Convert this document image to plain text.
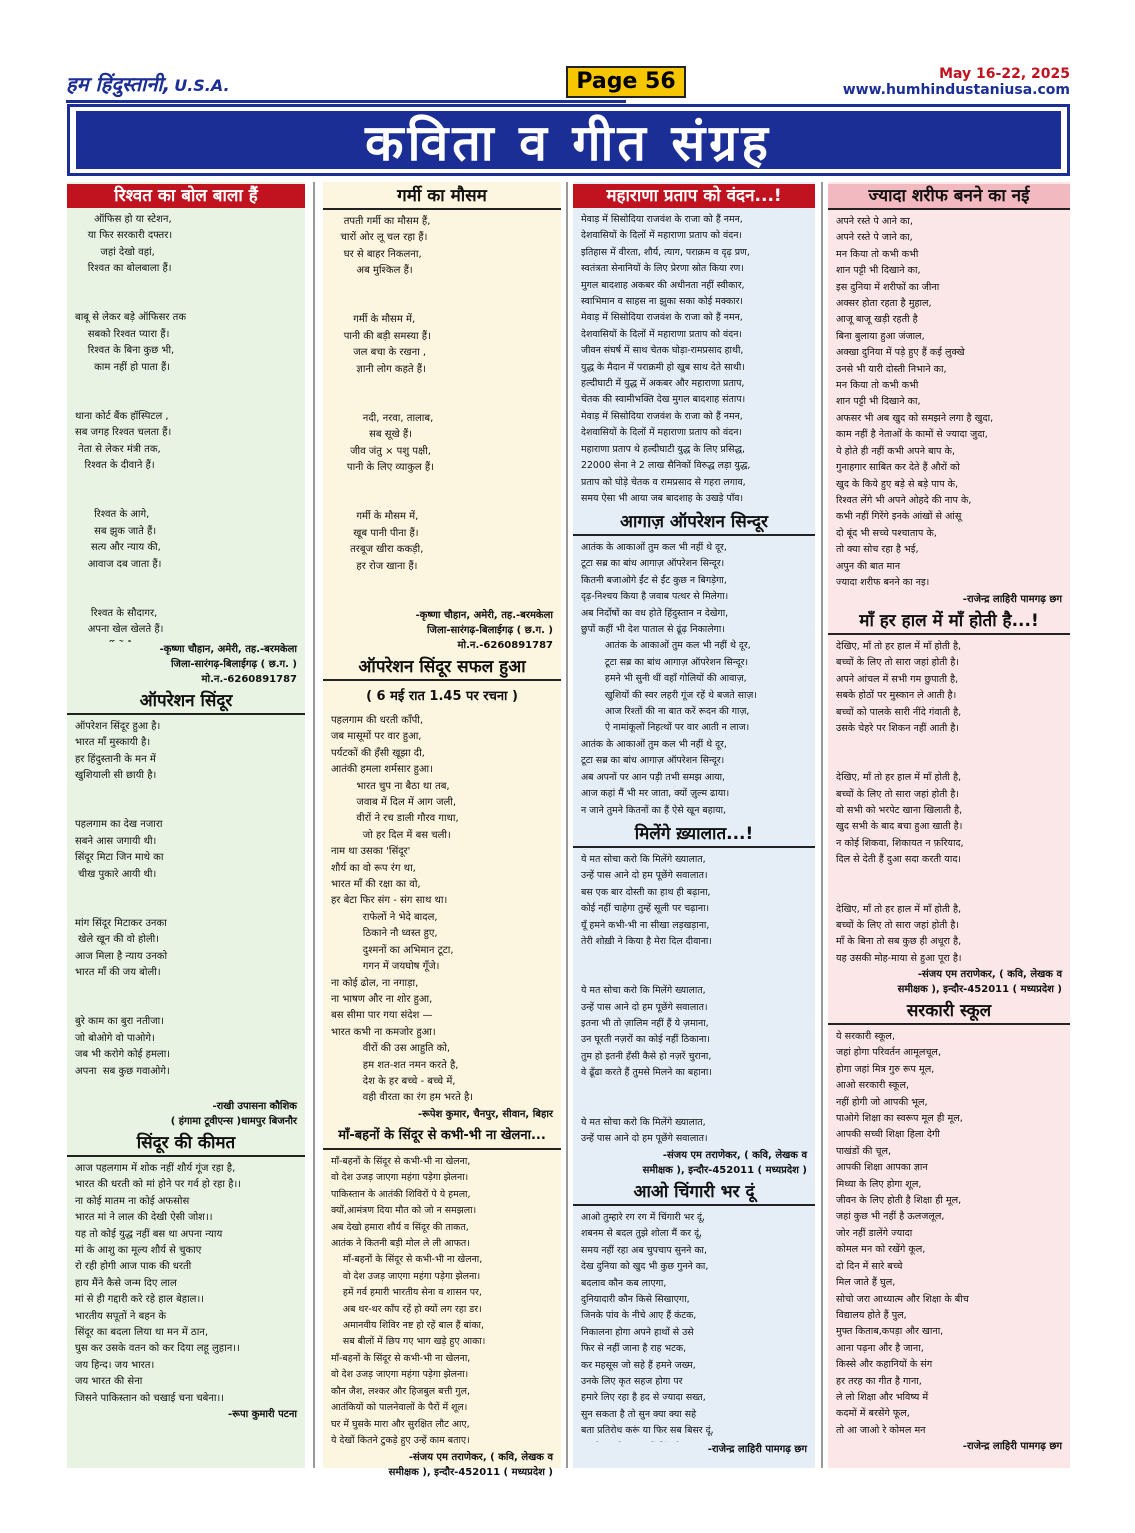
हम हिंदुस्तानी, U.S.A.	Page 56	May 16-22, 2025
www.humhindustaniusa.com
कविता व गीत संग्रह
रिश्वत का बोल बाला हैं
ऑफिस हो या स्टेशन,
या फिर सरकारी दफ्तर।
जहां देखो वहां,
रिश्वत का बोलबाला हैं।

बाबू से लेकर बड़े ऑफिसर तक
सबको रिश्वत प्यारा हैं।
रिश्वत के बिना कुछ भी,
काम नहीं हो पाता हैं।

थाना कोर्ट बैंक हॉस्पिटल ,
सब जगह रिश्वत चलता हैं।
नेता से लेकर मंत्री तक,
रिश्वत के दीवाने हैं।

रिश्वत के आगे,
सब झुक जाते हैं।
सत्य और न्याय की,
आवाज दब जाता हैं।

रिश्वत के सौदागर,
अपना खेल खेलते हैं।

-कृष्णा चौहान, अमेरी, तह.-बरमकेला
जिला-सारंगढ़-बिलाईगढ़ ( छ.ग. )
मो.न.-6260891787
ऑपरेशन सिंदूर
ऑपरेशन सिंदूर हुआ है।
भारत माँ मुस्कायी है।
हर हिंदुस्तानी के मन में
खुशियाली सी छायी है।

पहलगाम का देख नजारा
सबने आस जगायी थी।
सिंदूर मिटा जिन माथे का
चीख पुकारे आयी थी।

मांग सिंदूर मिटाकर उनका
खेले खून की वो होली।
आज मिला है न्याय उनको
भारत माँ की जय बोली।

बुरे काम का बुरा नतीजा।
जो बोओगे वो पाओगे।
जब भी करोगे कोई हमला।
अपना  सब कुछ गवाओगे।

-राखी उपासना कौशिक
( हंगामा टूवीएन्स )धामपुर बिजनौर
सिंदूर की कीमत
आज पहलगाम में शोक नहीं शौर्य गूंज रहा है,
भारत की धरती को मां होने पर गर्व हो रहा है।।
ना कोई मातम ना कोई अफसोस
भारत मां ने लाल की देखी ऐसी जोश।।
यह तो कोई युद्ध नहीं बस था अपना न्याय
मां के आशु का मूल्य शौर्य से चुकाए
रो रही होगी आज पाक की धरती
हाय मैंने कैसे जन्म दिए लाल
मां से ही गद्दारी करे रहे हाल बेहाल।।
भारतीय सपूतों ने बहन के
सिंदूर का बदला लिया था मन में ठान,
घुस कर उसके वतन को कर दिया लहू लुहान।।
जय हिन्द। जय भारत।
जय भारत की सेना
जिसने पाकिस्तान को चखाई चना चबेना।।
-रूपा कुमारी पटना
गर्मी का मौसम
तपती गर्मी का मौसम हैं,
चारों ओर लू चल रहा हैं।
घर से बाहर निकलना,
अब मुश्किल हैं।

गर्मी के मौसम में,
पानी की बड़ी समस्या हैं।
जल बचा के रखना ,
ज्ञानी लोग कहते हैं।

नदी, नरवा, तालाब,
सब सूखे हैं।
जीव जंतु × पशु पक्षी,
पानी के लिए व्याकुल हैं।

गर्मी के मौसम में,
खूब पानी पीना हैं।
तरबूज खीरा ककड़ी,
हर रोज खाना हैं।

-कृष्णा चौहान, अमेरी, तह.-बरमकेला
जिला-सारंगढ़-बिलाईगढ़ ( छ.ग. )
मो.न.-6260891787
ऑपरेशन सिंदूर सफल हुआ
( 6 मई रात 1.45 पर रचना )
पहलगाम की धरती काँपी,
जब मासूमों पर वार हुआ,
पर्यटकों की हँसी खूझा दी,
आतंकी हमला शर्मसार हुआ।
भारत चुप ना बैठा था तब,
जवाब में दिल में आग जली,
वीरों ने रच डाली गौरव गाथा,
जो हर दिल में बस चली।
नाम था उसका 'सिंदूर'
शौर्य का वो रूप रंग था,
भारत माँ की रक्षा का वो,
हर बेटा फिर संग - संग साथ था।
राफेलों ने भेदे बादल,
ठिकाने नौ ध्वस्त हुए,
दुश्मनों का अभिमान टूटा,
गगन में जयघोष गूँजे।
ना कोई ढोल, ना नगाड़ा,
ना भाषण और ना शोर हुआ,
बस सीमा पार गया संदेश —
भारत कभी ना कमजोर हुआ।
वीरों की उस आहुति को,
हम शत-शत नमन करते है,
देश के हर बच्चे - बच्चे में,
वही वीरता का रंग हम भरते है।
-रूपेश कुमार, चैनपुर, सीवान, बिहार
माँ-बहनों के सिंदूर से कभी-भी ना खेलना...
माँ-बहनों के सिंदूर से कभी-भी ना खेलना,
वो देश उजड़ जाएगा महंगा पड़ेगा झेलना।
पाकिस्तान के आतंकी शिविरों पे ये हमला,
क्यों,आमंत्रण दिया मौत को जो न समझला।
अब देखो हमारा शौर्य व सिंदूर की ताकत,
आतंक ने कितनी बड़ी मोल ले ली आफत।
माँ-बहनों के सिंदूर से कभी-भी ना खेलना,
वो देश उजड़ जाएगा महंगा पड़ेगा झेलना।
हमें गर्व हमारी भारतीय सेना व शासन पर,
अब थर-थर काँप रहें हो क्यों लग रहा डर।
अमानवीय शिविर नष्ट हो रहें बाल हैं बांका,
सब बीलों में छिप गए भाग खड़े हुए आका।
माँ-बहनों के सिंदूर से कभी-भी ना खेलना,
वो देश उजड़ जाएगा महंगा पड़ेगा झेलना।
कौन जैश, लश्कर और हिजबुल बत्ती गुल,
आतंकियों को पालनेवालों के पैरों में शूल।
घर में घुसके मारा और सुरक्षित लौट आए,
ये देखों कितने टुकड़े हुए उन्हें काम बताए।
-संजय एम तराणेकर, ( कवि, लेखक व
समीक्षक ), इन्दौर-452011 ( मध्यप्रदेश )
महाराणा प्रताप को वंदन...!
मेवाड़ में सिसोदिया राजवंश के राजा को हैं नमन,
देशवासियों के दिलों में महाराणा प्रताप को वंदन।
इतिहास में वीरता, शौर्य, त्याग, पराक्रम व दृढ़ प्रण,
स्वतंत्रता सेनानियों के लिए प्रेरणा स्रोत किया रण।
मुगल बादशाह अकबर की अधीनता नहीं स्वीकार,
स्वाभिमान व साहस ना झुका सका कोई मक्कार।
मेवाड़ में सिसोदिया राजवंश के राजा को हैं नमन,
देशवासियों के दिलों में महाराणा प्रताप को वंदन।
जीवन संघर्ष में साथ चेतक घोड़ा-रामप्रसाद हाथी,
युद्ध के मैदान में पराक्रमी हो खुब साथ देते साथी।
हल्दीघाटी में युद्ध में अकबर और महाराणा प्रताप,
चेतक की स्वामीभक्ति देख मुगल बादशाह संताप।
मेवाड़ में सिसोदिया राजवंश के राजा को हैं नमन,
देशवासियों के दिलों में महाराणा प्रताप को वंदन।
महाराणा प्रताप थे हल्दीघाटी युद्ध के लिए प्रसिद्ध,
22000 सेना ने 2 लाख सैनिकों विरुद्ध लड़ा युद्ध,
प्रताप को घोड़े चेतक व रामप्रसाद से गहरा लगाव,
समय ऐसा भी आया जब बादशाह के उखड़े पाँव।
आगाज़ ऑपरेशन सिन्दूर
आतंक के आकाओं तुम कल भी नहीं थे दूर,
टूटा सब्र का बांध आगाज़ ऑपरेशन सिन्दूर।
कितनी बजाओगे ईंट से ईंट कुछ न बिगड़ेगा,
दृढ़-निश्चय किया है जवाब पत्थर से मिलेगा।
अब निर्दोषों का वध होते हिंदुस्तान न देखेगा,
छुपों कहीं भी देश पाताल से ढूंढ़ निकालेगा।
आतंक के आकाओं तुम कल भी नहीं थे दूर,
टूटा सब्र का बांध आगाज़ ऑपरेशन सिन्दूर।
हमने भी सुनी थीं वहाँ गोलियों की आवाज़,
खुशियों की स्वर लहरी गूंज रहें थे बजते साज़।
आज रिश्तों की ना बात करें रूदन की गाज़,
ऐ नामांकूलों निहत्थों पर वार आती न लाज।
आतंक के आकाओं तुम कल भी नहीं थे दूर,
टूटा सब्र का बांध आगाज़ ऑपरेशन सिन्दूर।
अब अपनों पर आन पड़ी तभी समझ आया,
आज कहां मैं भी मर जाता, क्यों ज़ुल्म ढाया।
न जाने तुमने कितनों का हैं ऐसे खून बहाया,

मिलेंगे ख़्यालात...!
ये मत सोचा करो कि मिलेंगे ख्यालात,
उन्हें पास आने दो हम पूछेंगे सवालात।
बस एक बार दोस्ती का हाथ ही बढ़ाना,
कोई नहीं चाहेगा तुम्हें सूली पर चढ़ाना।
यूँ हमने कभी-भी ना सीखा लड़खड़ाना,
तेरी शोख़ी ने किया है मेरा दिल दीवाना।

ये मत सोचा करो कि मिलेंगे ख्यालात,
उन्हें पास आने दो हम पूछेंगे सवालात।
इतना भी तो ज़ालिम नहीं हैं ये ज़माना,
उन घूरती नज़रों का कोई नहीं ठिकाना।
तुम हो इतनी हँसी कैसे हो नज़रें चुराना,
वे ढूँढा करते हैं तुमसे मिलने का बहाना।

ये मत सोचा करो कि मिलेंगे ख्यालात,
उन्हें पास आने दो हम पूछेंगे सवालात।

-संजय एम तराणेकर, ( कवि, लेखक व
समीक्षक ), इन्दौर-452011 ( मध्यप्रदेश )
आओ चिंगारी भर दूं
आओ तुम्हारे रग रग में चिंगारी भर दूं,
शबनम से बदल तुझे शोला मैं कर दूं,
समय नहीं रहा अब चुपचाप सुनने का,
देख दुनिया को खुद भी कुछ गुनने का,
बदलाव कौन कब लाएगा,
दुनियादारी कौन किसे सिखाएगा,
जिनके पांव के नीचे आए हैं कंटक,
निकालना होगा अपने हाथों से उसे
फिर से नहीं जाना है राह भटक,
कर महसूस जो सहे हैं हमने जख्म,
उनके लिए कृत सहज होगा पर
हमारे लिए रहा है हद से ज्यादा सख्त,
सुन सकता है तो सुन क्या क्या सहे
बता प्रतिरोध करूं या फिर सब बिसर दूं,

-राजेन्द्र लाहिरी पामगढ़ छग
ज्यादा शरीफ बनने का नई
अपने रस्ते पे आने का,
अपने रस्ते पे जाने का,
मन किया तो कभी कभी
शान पट्टी भी दिखाने का,
इस दुनिया में शरीफों का जीना
अक्सर होता रहता है मुहाल,
आजू बाजू खड़ी रहती है
बिना बुलाया हुआ जंजाल,
अक्खा दुनिया में पड़े हुए हैं कई लुक्खे
उनसे भी यारी दोस्ती निभाने का,
मन किया तो कभी कभी
शान पट्टी भी दिखाने का,
अफसर भी अब खुद को समझने लगा है खुदा,
काम नहीं है नेताओं के कामों से ज्यादा जुदा,
ये होते ही नहीं कभी अपने बाप के,
गुनाहगार साबित कर देते हैं औरों को
खुद के किये हुए बड़े से बड़े पाप के,
रिश्वत लेंगे भी अपने ओहदे की नाप के,
कभी नहीं गिरेंगे इनके आंखों से आंसू
दो बूंद भी सच्चे पश्चाताप के,
तो क्या सोच रहा है भई,
अपुन की बात मान
ज्यादा शरीफ बनने का नइ।
-राजेन्द्र लाहिरी पामगढ़ छग
माँ हर हाल में माँ होती है...!
देखिए, माँ तो हर हाल में माँ होती है,
बच्चों के लिए तो सारा जहां होती है।
अपने आंचल में सभी गम छुपाती है,
सबके होठों पर मुस्कान ले आती है।
बच्चों को पालके सारी नींदे गंवाती है,
उसके चेहरे पर शिकन नहीं आती है।

देखिए, माँ तो हर हाल में माँ होती है,
बच्चों के लिए तो सारा जहां होती है।
वो सभी को भरपेट खाना खिलाती है,
खुद सभी के बाद बचा हुआ खाती है।
न कोई शिकवा, शिकायत न फ़रियाद,
दिल से देती हैं दुआ सदा करती याद।

देखिए, माँ तो हर हाल में माँ होती है,
बच्चों के लिए तो सारा जहां होती है।
माँ के बिना तो सब कुछ ही अधूरा है,
यह उसकी मोह-माया से हुआ पूरा है।

-संजय एम तराणेकर, ( कवि, लेखक व
समीक्षक ), इन्दौर-452011 ( मध्यप्रदेश )
सरकारी स्कूल
ये सरकारी स्कूल,
जहां होगा परिवर्तन आमूलचूल,
होगा जहां मित्र गुरु रूप मूल,
आओ सरकारी स्कूल,
नहीं होगी जो आपकी भूल,
पाओगे शिक्षा का स्वरूप मूल ही मूल,
आपकी सच्ची शिक्षा हिला देगी
पाखंडों की चूल,
आपकी शिक्षा आपका ज्ञान
मिथ्या के लिए होगा शूल,
जीवन के लिए होती है शिक्षा ही मूल,
जहां कुछ भी नहीं है ऊलजलूल,
जोर नहीं डालेंगे ज्यादा
कोमल मन को रखेंगे कूल,
दो दिन में सारे बच्चे
मिल जाते हैं घुल,
सोचो जरा आध्यात्म और शिक्षा के बीच
विद्यालय होते हैं पुल,
मुफ्त किताब,कपड़ा और खाना,
आना पढ़ना और है जाना,
किस्से और कहानियों के संग
हर तरह का गीत है गाना,
ले लो शिक्षा और भविष्य में
कदमों में बरसेंगे फूल,
तो आ जाओ रे कोमल मन

-राजेन्द्र लाहिरी पामगढ़ छग
